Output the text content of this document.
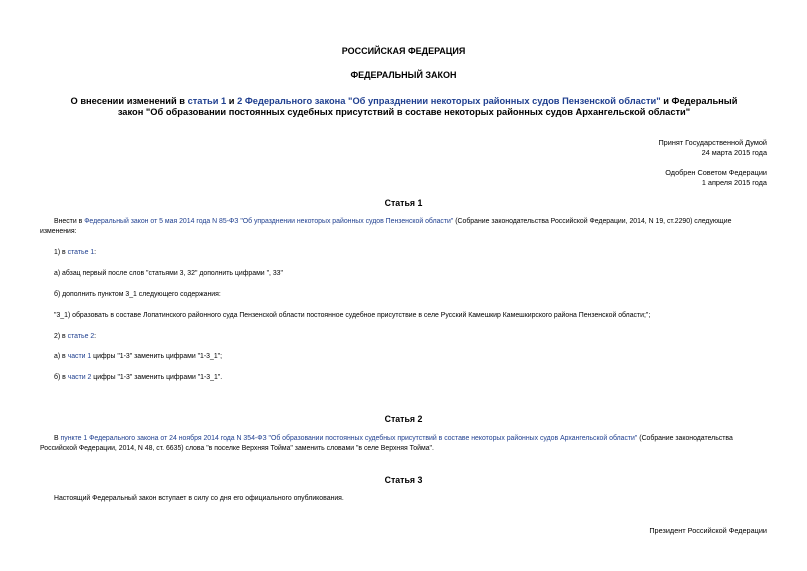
РОССИЙСКАЯ ФЕДЕРАЦИЯ
ФЕДЕРАЛЬНЫЙ ЗАКОН
О внесении изменений в статьи 1 и 2 Федерального закона "Об упразднении некоторых районных судов Пензенской области" и Федеральный закон "Об образовании постоянных судебных присутствий в составе некоторых районных судов Архангельской области"
Принят Государственной Думой
24 марта 2015 года
Одобрен Советом Федерации
1 апреля 2015 года
Статья 1
Внести в Федеральный закон от 5 мая 2014 года N 85-ФЗ "Об упразднении некоторых районных судов Пензенской области" (Собрание законодательства Российской Федерации, 2014, N 19, ст.2290) следующие изменения:
1) в статье 1:
а) абзац первый после слов "статьями 3, 32" дополнить цифрами ", 33"
б) дополнить пунктом 3_1 следующего содержания:
"3_1) образовать в составе Лопатинского районного суда Пензенской области постоянное судебное присутствие в селе Русский Камешкир Камешкирского района Пензенской области;";
2) в статье 2:
а) в части 1 цифры "1-3" заменить цифрами "1-3_1";
б) в части 2 цифры "1-3" заменить цифрами "1-3_1".
Статья 2
В пункте 1 Федерального закона от 24 ноября 2014 года N 354-ФЗ "Об образовании постоянных судебных присутствий в составе некоторых районных судов Архангельской области" (Собрание законодательства Российской Федерации, 2014, N 48, ст. 6635) слова "в поселке Верхняя Тойма" заменить словами "в селе Верхняя Тойма".
Статья 3
Настоящий Федеральный закон вступает в силу со дня его официального опубликования.
Президент Российской Федерации
